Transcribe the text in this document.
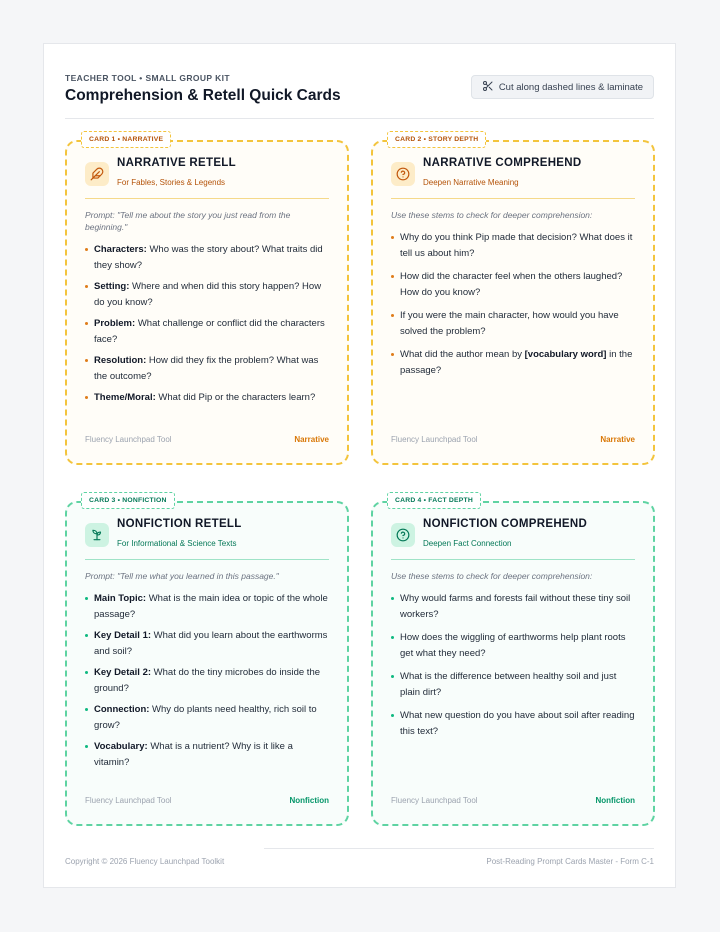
TEACHER TOOL • SMALL GROUP KIT
Comprehension & Retell Quick Cards	Cut along dashed lines & laminate
CARD 1 • NARRATIVE
NARRATIVE RETELL
For Fables, Stories & Legends
Prompt: "Tell me about the story you just read from the beginning."
Characters: Who was the story about? What traits did they show?
Setting: Where and when did this story happen? How do you know?
Problem: What challenge or conflict did the characters face?
Resolution: How did they fix the problem? What was the outcome?
Theme/Moral: What did Pip or the characters learn?
Fluency Launchpad Tool	Narrative
CARD 2 • STORY DEPTH
NARRATIVE COMPREHEND
Deepen Narrative Meaning
Use these stems to check for deeper comprehension:
Why do you think Pip made that decision? What does it tell us about him?
How did the character feel when the others laughed? How do you know?
If you were the main character, how would you have solved the problem?
What did the author mean by [vocabulary word] in the passage?
Fluency Launchpad Tool	Narrative
CARD 3 • NONFICTION
NONFICTION RETELL
For Informational & Science Texts
Prompt: "Tell me what you learned in this passage."
Main Topic: What is the main idea or topic of the whole passage?
Key Detail 1: What did you learn about the earthworms and soil?
Key Detail 2: What do the tiny microbes do inside the ground?
Connection: Why do plants need healthy, rich soil to grow?
Vocabulary: What is a nutrient? Why is it like a vitamin?
Fluency Launchpad Tool	Nonfiction
CARD 4 • FACT DEPTH
NONFICTION COMPREHEND
Deepen Fact Connection
Use these stems to check for deeper comprehension:
Why would farms and forests fail without these tiny soil workers?
How does the wiggling of earthworms help plant roots get what they need?
What is the difference between healthy soil and just plain dirt?
What new question do you have about soil after reading this text?
Fluency Launchpad Tool	Nonfiction
Copyright © 2026 Fluency Launchpad Toolkit	Post-Reading Prompt Cards Master - Form C-1
